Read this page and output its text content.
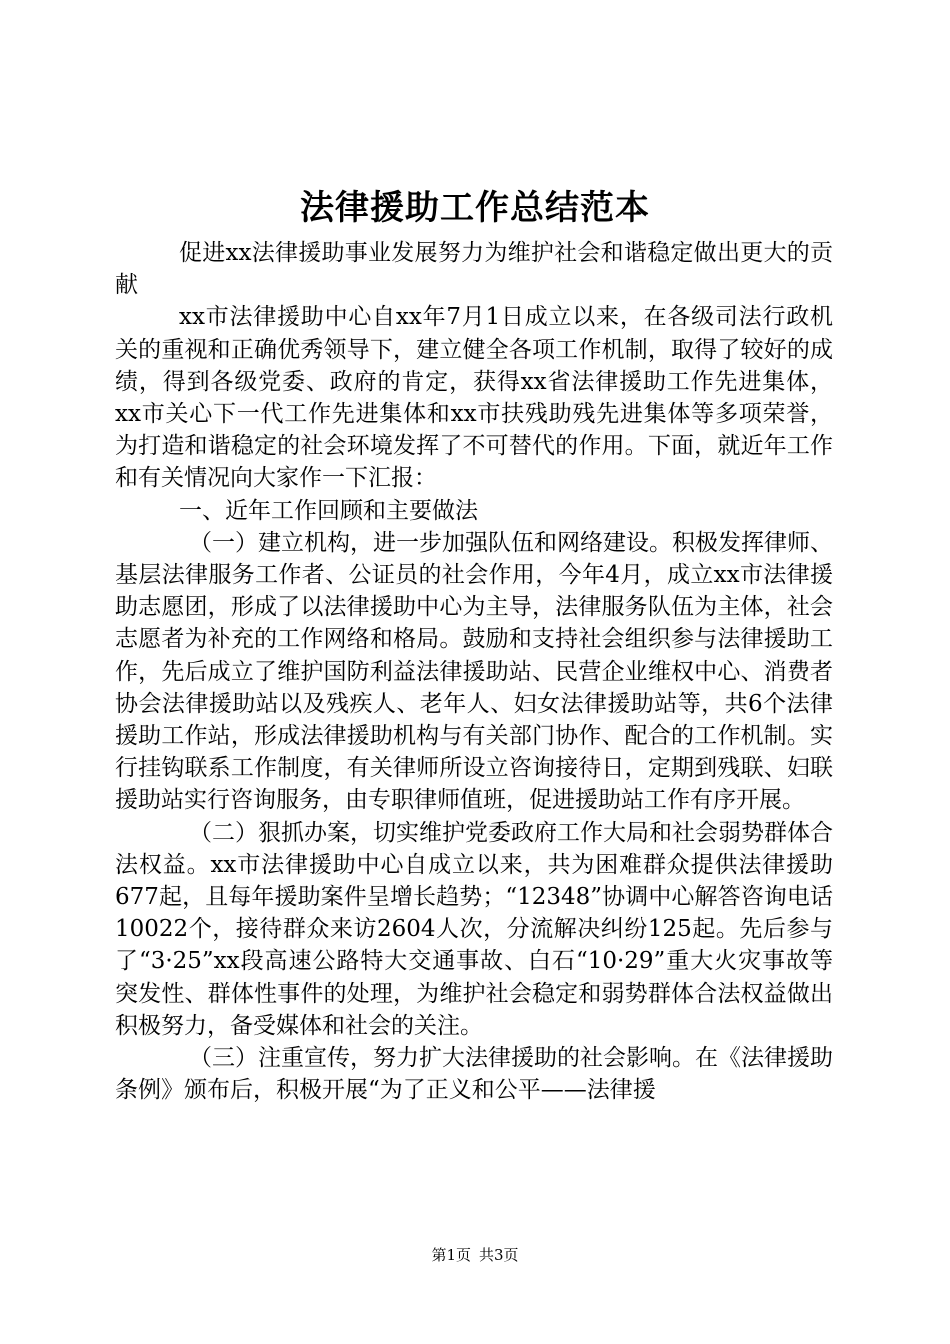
法律援助工作总结范本

促进xx法律援助事业发展努力为维护社会和谐稳定做出更大的贡献

xx市法律援助中心自xx年7月1日成立以来，在各级司法行政机关的重视和正确优秀领导下，建立健全各项工作机制，取得了较好的成绩，得到各级党委、政府的肯定，获得xx省法律援助工作先进集体，xx市关心下一代工作先进集体和xx市扶残助残先进集体等多项荣誉，为打造和谐稳定的社会环境发挥了不可替代的作用。下面，就近年工作和有关情况向大家作一下汇报：

一、近年工作回顾和主要做法

（一）建立机构，进一步加强队伍和网络建设。积极发挥律师、基层法律服务工作者、公证员的社会作用，今年4月，成立xx市法律援助志愿团，形成了以法律援助中心为主导，法律服务队伍为主体，社会志愿者为补充的工作网络和格局。鼓励和支持社会组织参与法律援助工作，先后成立了维护国防利益法律援助站、民营企业维权中心、消费者协会法律援助站以及残疾人、老年人、妇女法律援助站等，共6个法律援助工作站，形成法律援助机构与有关部门协作、配合的工作机制。实行挂钩联系工作制度，有关律师所设立咨询接待日，定期到残联、妇联援助站实行咨询服务，由专职律师值班，促进援助站工作有序开展。

（二）狠抓办案，切实维护党委政府工作大局和社会弱势群体合法权益。xx市法律援助中心自成立以来，共为困难群众提供法律援助677起，且每年援助案件呈增长趋势；“12348”协调中心解答咨询电话10022个，接待群众来访2604人次，分流解决纠纷125起。先后参与了“3·25”xx段高速公路特大交通事故、白石“10·29”重大火灾事故等突发性、群体性事件的处理，为维护社会稳定和弱势群体合法权益做出积极努力，备受媒体和社会的关注。

（三）注重宣传，努力扩大法律援助的社会影响。在《法律援助条例》颁布后，积极开展“为了正义和公平——法律援

第1页 共3页
